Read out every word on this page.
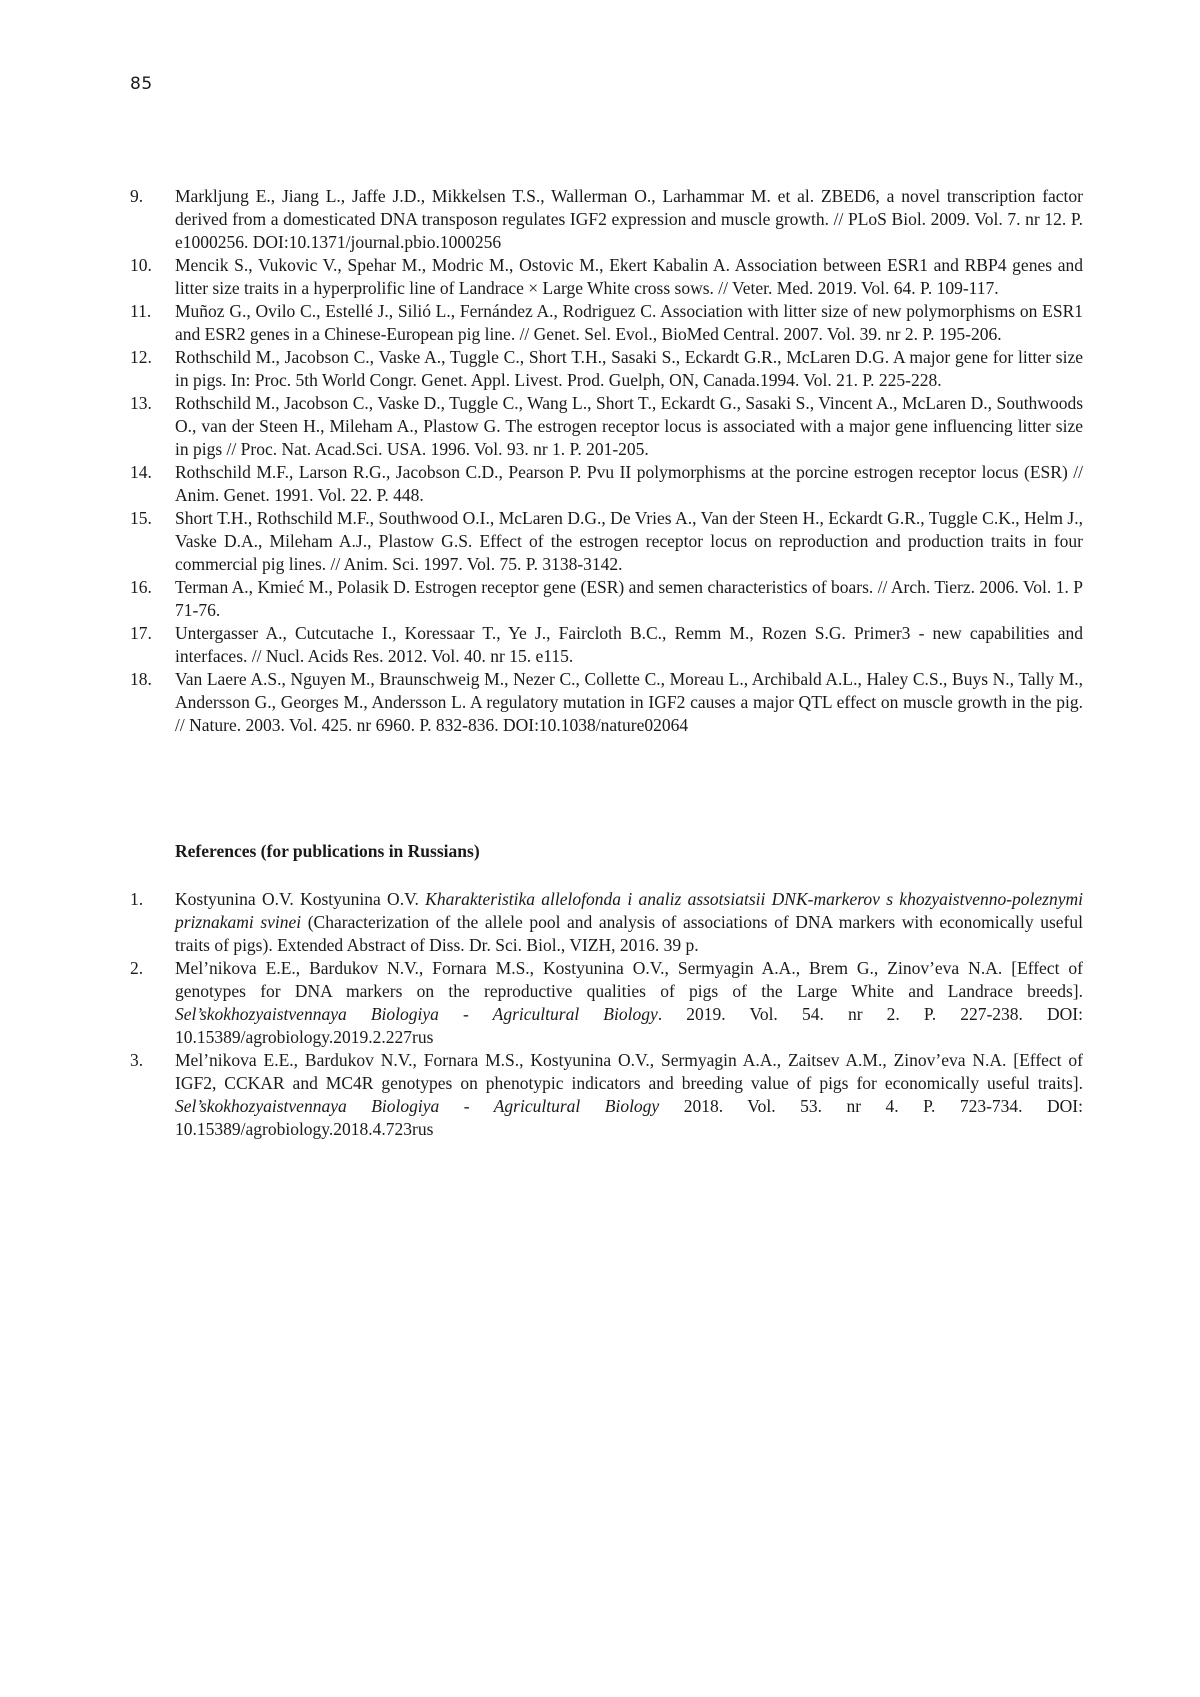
85
9. Markljung E., Jiang L., Jaffe J.D., Mikkelsen T.S., Wallerman O., Larhammar M. et al. ZBED6, a novel transcription factor derived from a domesticated DNA transposon regulates IGF2 expression and muscle growth. // PLoS Biol. 2009. Vol. 7. nr 12. P. e1000256. DOI:10.1371/journal.pbio.1000256
10. Mencik S., Vukovic V., Spehar M., Modric M., Ostovic M., Ekert Kabalin A. Association between ESR1 and RBP4 genes and litter size traits in a hyperprolific line of Landrace × Large White cross sows. // Veter. Med. 2019. Vol. 64. P. 109-117.
11. Muñoz G., Ovilo C., Estellé J., Silió L., Fernández A., Rodriguez C. Association with litter size of new polymorphisms on ESR1 and ESR2 genes in a Chinese-European pig line. // Genet. Sel. Evol., BioMed Central. 2007. Vol. 39. nr 2. P. 195-206.
12. Rothschild M., Jacobson C., Vaske A., Tuggle C., Short T.H., Sasaki S., Eckardt G.R., McLaren D.G. A major gene for litter size in pigs. In: Proc. 5th World Congr. Genet. Appl. Livest. Prod. Guelph, ON, Canada.1994. Vol. 21. P. 225-228.
13. Rothschild M., Jacobson C., Vaske D., Tuggle C., Wang L., Short T., Eckardt G., Sasaki S., Vincent A., McLaren D., Southwoods O., van der Steen H., Mileham A., Plastow G. The estrogen receptor locus is associated with a major gene influencing litter size in pigs // Proc. Nat. Acad.Sci. USA. 1996. Vol. 93. nr 1. P. 201-205.
14. Rothschild M.F., Larson R.G., Jacobson C.D., Pearson P. Pvu II polymorphisms at the porcine estrogen receptor locus (ESR) // Anim. Genet. 1991. Vol. 22. P. 448.
15. Short T.H., Rothschild M.F., Southwood O.I., McLaren D.G., De Vries A., Van der Steen H., Eckardt G.R., Tuggle C.K., Helm J., Vaske D.A., Mileham A.J., Plastow G.S. Effect of the estrogen receptor locus on reproduction and production traits in four commercial pig lines. // Anim. Sci. 1997. Vol. 75. P. 3138-3142.
16. Terman A., Kmieć M., Polasik D. Estrogen receptor gene (ESR) and semen characteristics of boars. // Arch. Tierz. 2006. Vol. 1. P 71-76.
17. Untergasser A., Cutcutache I., Koressaar T., Ye J., Faircloth B.C., Remm M., Rozen S.G. Primer3 - new capabilities and interfaces. // Nucl. Acids Res. 2012. Vol. 40. nr 15. e115.
18. Van Laere A.S., Nguyen M., Braunschweig M., Nezer C., Collette C., Moreau L., Archibald A.L., Haley C.S., Buys N., Tally M., Andersson G., Georges M., Andersson L. A regulatory mutation in IGF2 causes a major QTL effect on muscle growth in the pig. // Nature. 2003. Vol. 425. nr 6960. P. 832-836. DOI:10.1038/nature02064
References (for publications in Russians)
1. Kostyunina O.V. Kostyunina O.V. Kharakteristika allelofonda i analiz assotsiatsii DNK-markerov s khozyaistvenno-poleznymi priznakami svinei (Characterization of the allele pool and analysis of associations of DNA markers with economically useful traits of pigs). Extended Abstract of Diss. Dr. Sci. Biol., VIZH, 2016. 39 p.
2. Mel’nikova E.E., Bardukov N.V., Fornara M.S., Kostyunina O.V., Sermyagin A.A., Brem G., Zinov’eva N.A. [Effect of genotypes for DNA markers on the reproductive qualities of pigs of the Large White and Landrace breeds]. Sel’skokhozyaistvennaya Biologiya - Agricultural Biology. 2019. Vol. 54. nr 2. P. 227-238. DOI: 10.15389/agrobiology.2019.2.227rus
3. Mel’nikova E.E., Bardukov N.V., Fornara M.S., Kostyunina O.V., Sermyagin A.A., Zaitsev A.M., Zinov’eva N.A. [Effect of IGF2, CCKAR and MC4R genotypes on phenotypic indicators and breeding value of pigs for economically useful traits]. Sel’skokhozyaistvennaya Biologiya - Agricultural Biology 2018. Vol. 53. nr 4. P. 723-734. DOI: 10.15389/agrobiology.2018.4.723rus
